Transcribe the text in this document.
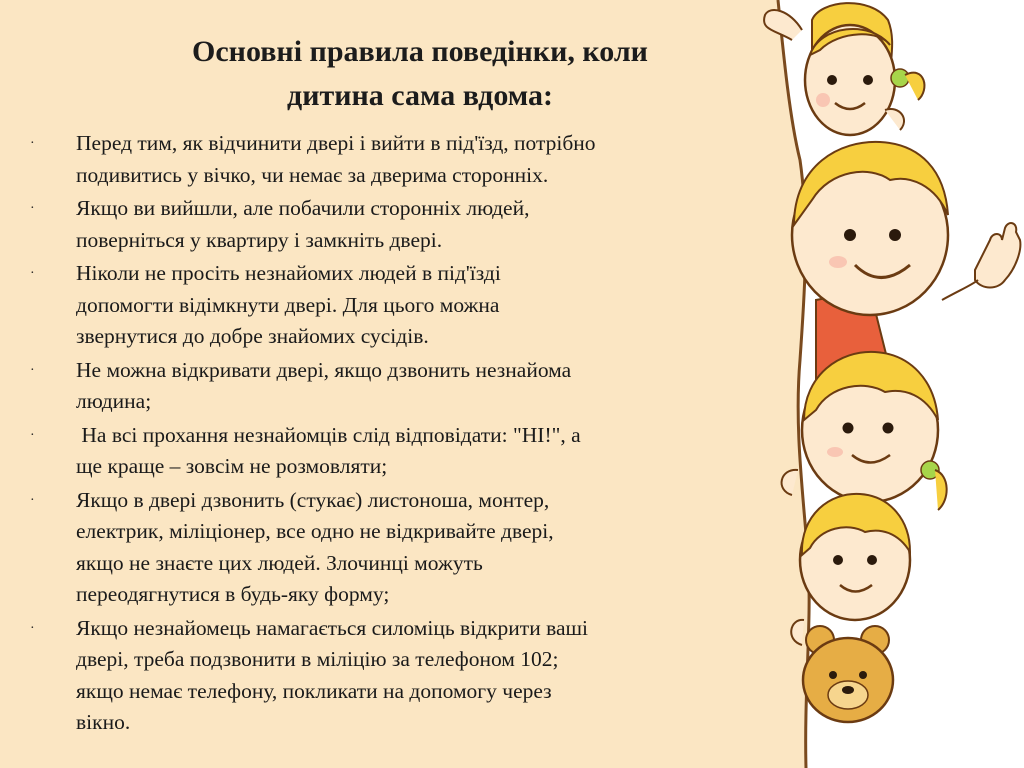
Основні правила поведінки, коли
дитина сама вдома:
· Перед тим, як відчинити двері і вийти в під'їзд, потрібно
подивитись у вічко, чи немає за дверима сторонніх.
· Якщо ви вийшли, але побачили сторонніх людей,
поверніться у квартиру і замкніть двері.
· Ніколи не просіть незнайомих людей в під'їзді
допомогти відімкнути двері. Для цього можна
звернутися до добре знайомих сусідів.
· Не можна відкривати двері, якщо дзвонить незнайома
людина;
· На всі прохання незнайомців слід відповідати: "НІ!", а
ще краще – зовсім не розмовляти;
· Якщо в двері дзвонить (стукає) листоноша, монтер,
електрик, міліціонер, все одно не відкривайте двері,
якщо не знаєте цих людей. Злочинці можуть
переодягнутися в будь-яку форму;
· Якщо незнайомець намагається силоміць відкрити ваші
двері, треба подзвонити в міліцію за телефоном 102;
якщо немає телефону, покликати на допомогу через
вікно.
